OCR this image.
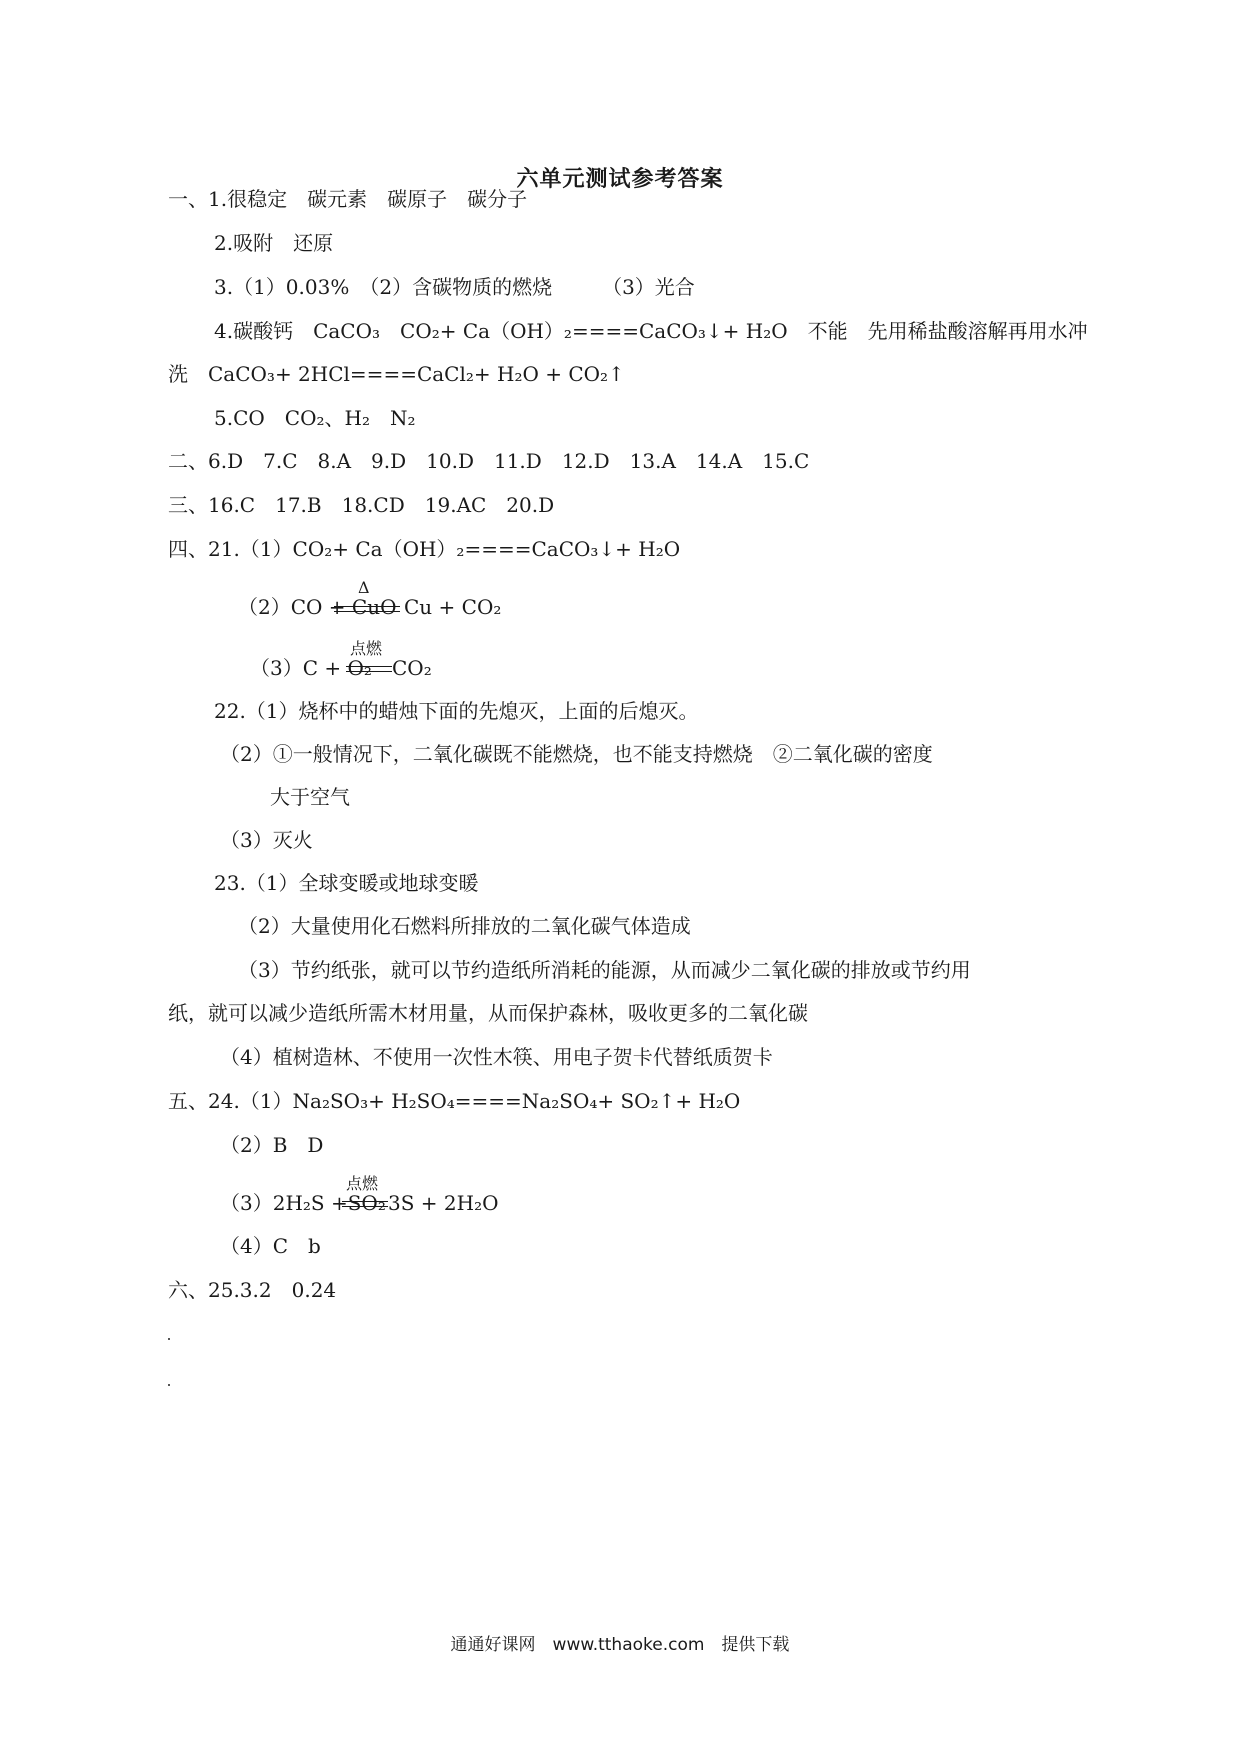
六单元测试参考答案
一、1.很稳定　碳元素　碳原子　碳分子
2.吸附　还原
3.（1）0.03%　（2）含碳物质的燃烧　　　（3）光合
4.碳酸钙　CaCO₃　CO₂+ Ca（OH）₂====CaCO₃↓+ H₂O　不能　先用稀盐酸溶解再用水冲
洗　CaCO₃+ 2HCl====CaCl₂+ H₂O + CO₂↑
5.CO　CO₂、H₂　N₂
二、6.D　7.C　8.A　9.D　10.D　11.D　12.D　13.A　14.A　15.C
三、16.C　17.B　18.CD　19.AC　20.D
四、21.（1）CO₂+ Ca（OH）₂====CaCO₃↓+ H₂O
（2）CO + CuO
Δ
Cu + CO₂
（3）C + O₂
点燃
CO₂
22.（1）烧杯中的蜡烛下面的先熄灭，上面的后熄灭。
（2）①一般情况下，二氧化碳既不能燃烧，也不能支持燃烧　②二氧化碳的密度
大于空气
（3）灭火
23.（1）全球变暖或地球变暖
（2）大量使用化石燃料所排放的二氧化碳气体造成
（3）节约纸张，就可以节约造纸所消耗的能源，从而减少二氧化碳的排放或节约用
纸，就可以减少造纸所需木材用量，从而保护森林，吸收更多的二氧化碳
（4）植树造林、不使用一次性木筷、用电子贺卡代替纸质贺卡
五、24.（1）Na₂SO₃+ H₂SO₄====Na₂SO₄+ SO₂↑+ H₂O
（2）B　D
（3）2H₂S +SO₂
点燃
3S + 2H₂O
（4）C　b
六、25.3.2　0.24
通通好课网　www.tthaoke.com　提供下载
